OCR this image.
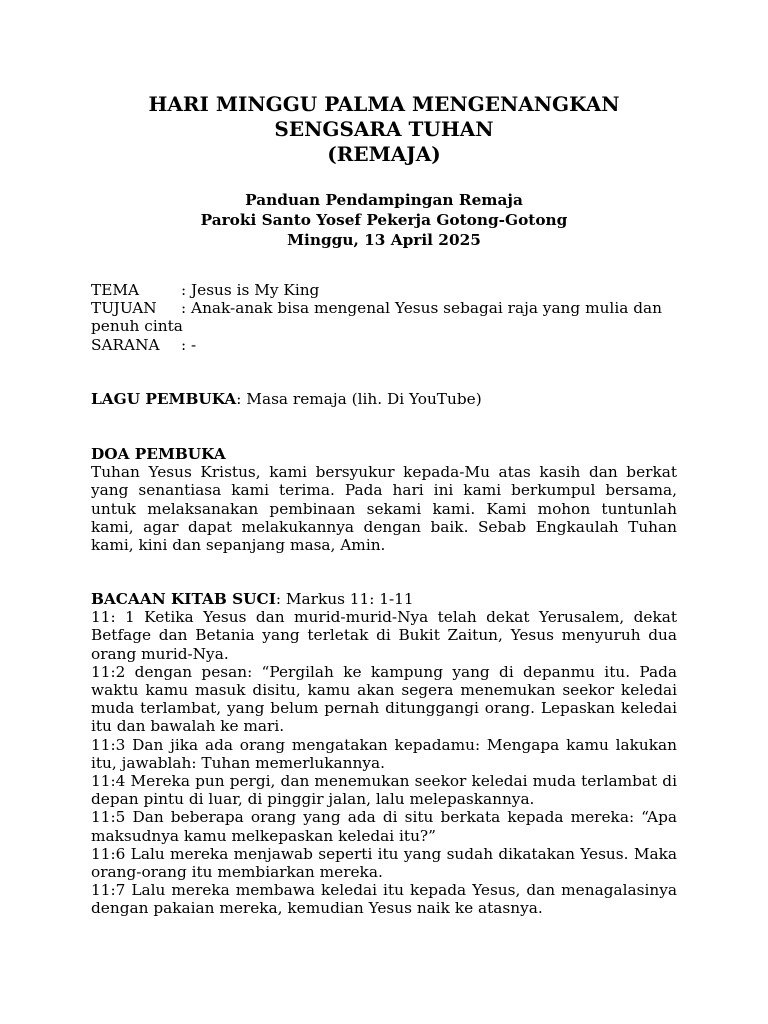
HARI MINGGU PALMA MENGENANGKAN
SENGSARA TUHAN
(REMAJA)
Panduan Pendampingan Remaja
Paroki Santo Yosef Pekerja Gotong-Gotong
Minggu, 13 April 2025
TEMA	: Jesus is My King
TUJUAN	: Anak-anak bisa mengenal Yesus sebagai raja yang mulia dan
penuh cinta
SARANA	: -
LAGU PEMBUKA: Masa remaja (lih. Di YouTube)
DOA PEMBUKA

Tuhan Yesus Kristus, kami bersyukur kepada-Mu atas kasih dan berkat yang senantiasa kami terima. Pada hari ini kami berkumpul bersama, untuk melaksanakan pembinaan sekami kami. Kami mohon tuntunlah kami, agar dapat melakukannya dengan baik. Sebab Engkaulah Tuhan kami, kini dan sepanjang masa, Amin.

BACAAN KITAB SUCI: Markus 11: 1-11

11: 1 Ketika Yesus dan murid-murid-Nya telah dekat Yerusalem, dekat Betfage dan Betania yang terletak di Bukit Zaitun, Yesus menyuruh dua orang murid-Nya.

11:2 dengan pesan: “Pergilah ke kampung yang di depanmu itu. Pada waktu kamu masuk disitu, kamu akan segera menemukan seekor keledai muda terlambat, yang belum pernah ditunggangi orang. Lepaskan keledai itu dan bawalah ke mari.

11:3 Dan jika ada orang mengatakan kepadamu: Mengapa kamu lakukan itu, jawablah: Tuhan memerlukannya.

11:4 Mereka pun pergi, dan menemukan seekor keledai muda terlambat di depan pintu di luar, di pinggir jalan, lalu melepaskannya.

11:5 Dan beberapa orang yang ada di situ berkata kepada mereka: “Apa maksudnya kamu melkepaskan keledai itu?”

11:6 Lalu mereka menjawab seperti itu yang sudah dikatakan Yesus. Maka orang-orang itu membiarkan mereka.

11:7 Lalu mereka membawa keledai itu kepada Yesus, dan menagalasinya dengan pakaian mereka, kemudian Yesus naik ke atasnya.
